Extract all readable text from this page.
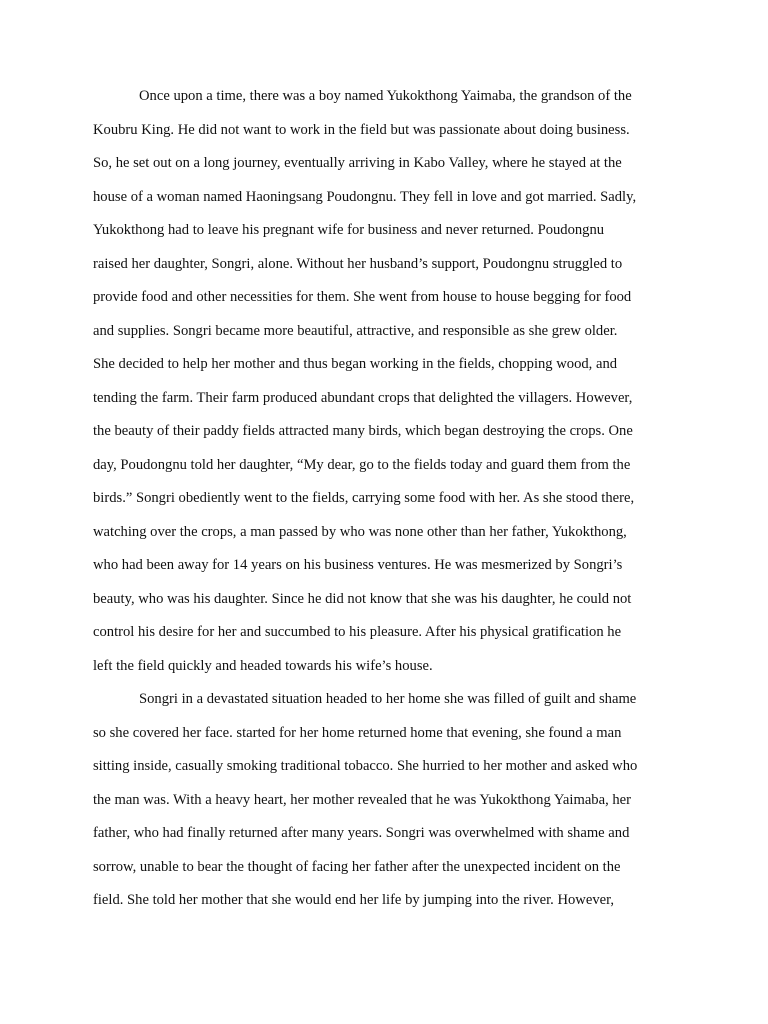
Once upon a time, there was a boy named Yukokthong Yaimaba, the grandson of the
Koubru King. He did not want to work in the field but was passionate about doing business.
So, he set out on a long journey, eventually arriving in Kabo Valley, where he stayed at the
house of a woman named Haoningsang Poudongnu. They fell in love and got married. Sadly,
Yukokthong had to leave his pregnant wife for business and never returned. Poudongnu
raised her daughter, Songri, alone. Without her husband’s support, Poudongnu struggled to
provide food and other necessities for them. She went from house to house begging for food
and supplies. Songri became more beautiful, attractive, and responsible as she grew older.
She decided to help her mother and thus began working in the fields, chopping wood, and
tending the farm. Their farm produced abundant crops that delighted the villagers. However,
the beauty of their paddy fields attracted many birds, which began destroying the crops. One
day, Poudongnu told her daughter, “My dear, go to the fields today and guard them from the
birds.” Songri obediently went to the fields, carrying some food with her. As she stood there,
watching over the crops, a man passed by who was none other than her father, Yukokthong,
who had been away for 14 years on his business ventures. He was mesmerized by Songri’s
beauty, who was his daughter. Since he did not know that she was his daughter, he could not
control his desire for her and succumbed to his pleasure. After his physical gratification he
left the field quickly and headed towards his wife’s house.
Songri in a devastated situation headed to her home she was filled of guilt and shame
so she covered her face. started for her home returned home that evening, she found a man
sitting inside, casually smoking traditional tobacco. She hurried to her mother and asked who
the man was. With a heavy heart, her mother revealed that he was Yukokthong Yaimaba, her
father, who had finally returned after many years. Songri was overwhelmed with shame and
sorrow, unable to bear the thought of facing her father after the unexpected incident on the
field. She told her mother that she would end her life by jumping into the river. However,
